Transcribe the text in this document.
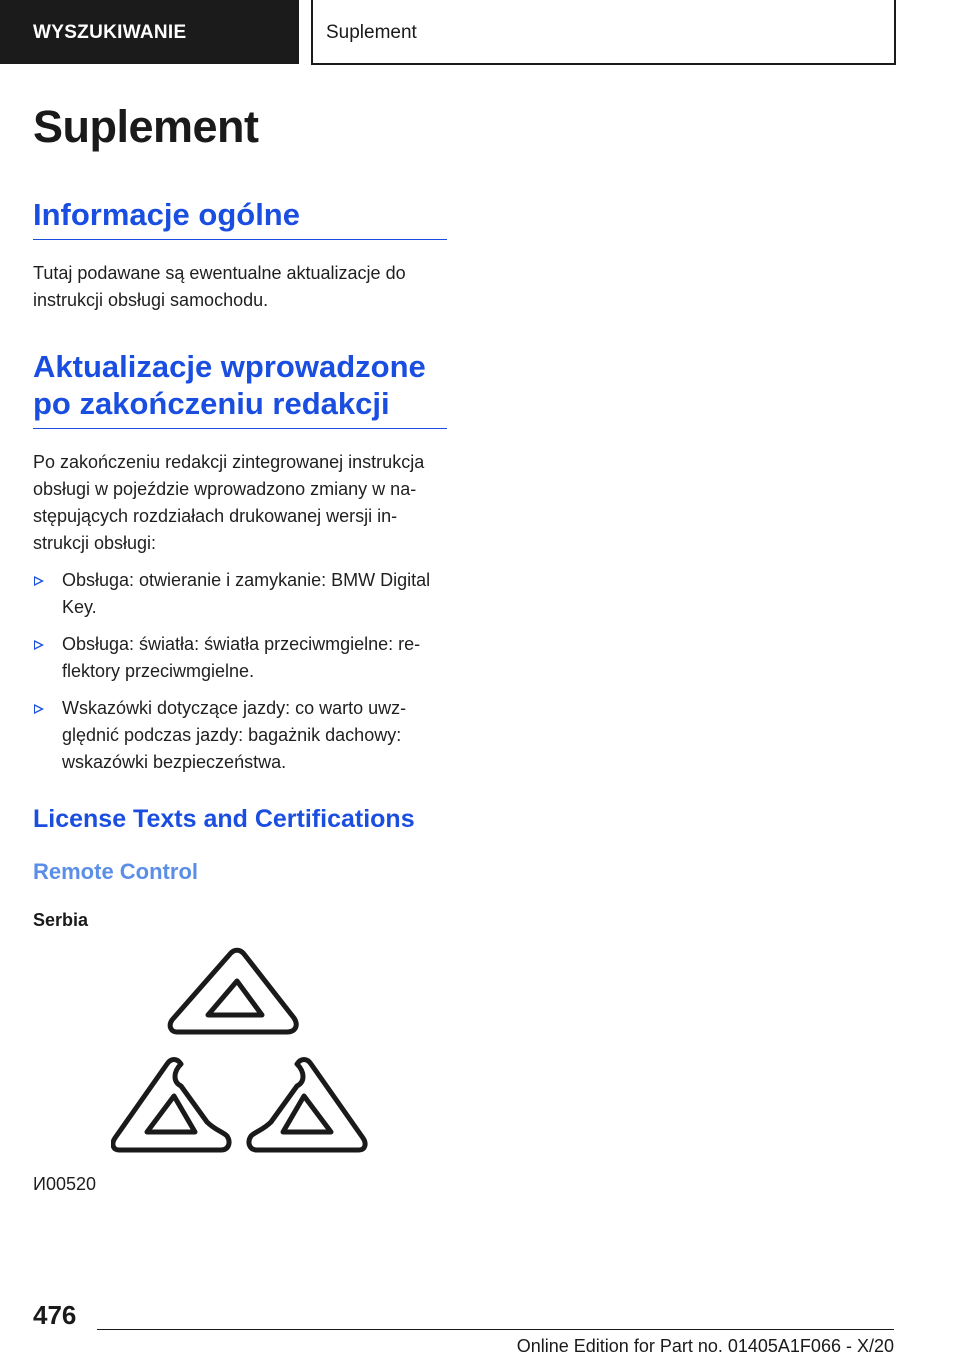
WYSZUKIWANIE	Suplement
Suplement
Informacje ogólne

Tutaj podawane są ewentualne aktualizacje do instrukcji obsługi samochodu.

Aktualizacje wprowadzone po zakończeniu redakcji

Po zakończeniu redakcji zintegrowanej instrukcja obsługi w pojeździe wprowadzono zmiany w następujących rozdziałach drukowanej wersji instrukcji obsługi:

Obsługa: otwieranie i zamykanie: BMW Digital Key.
Obsługa: światła: światła przeciwmgielne: reflektory przeciwmgielne.
Wskazówki dotyczące jazdy: co warto uwzględnić podczas jazdy: bagażnik dachowy: wskazówki bezpieczeństwa.
License Texts and Certifications
Remote Control
Serbia

И00520

476
Online Edition for Part no. 01405A1F066 - X/20
